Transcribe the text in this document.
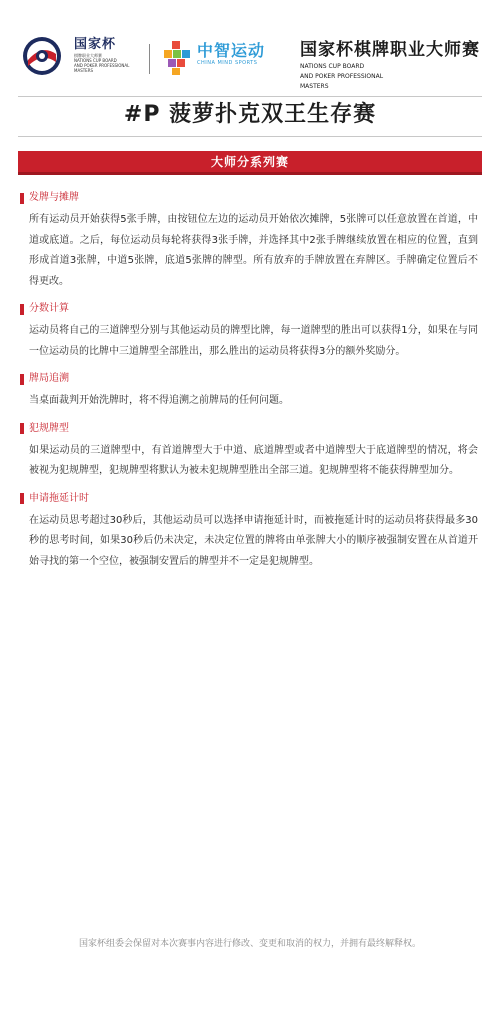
国家杯
棋牌职业大师赛
NATIONS CUP BOARD
AND POKER PROFESSIONAL
MASTERS
中智运动
CHINA MIND SPORTS
国家杯棋牌职业大师赛
NATIONS CUP BOARD
AND POKER PROFESSIONAL
MASTERS
#P 菠萝扑克双王生存赛
大师分系列赛
发牌与摊牌

所有运动员开始获得5张手牌，由按钮位左边的运动员开始依次摊牌，5张牌可以任意放置在首道，中道或底道。之后，每位运动员每轮将获得3张手牌，并选择其中2张手牌继续放置在相应的位置，直到形成首道3张牌，中道5张牌，底道5张牌的牌型。所有放弃的手牌放置在弃牌区。手牌确定位置后不得更改。

分数计算

运动员将自己的三道牌型分别与其他运动员的牌型比牌，每一道牌型的胜出可以获得1分，如果在与同一位运动员的比牌中三道牌型全部胜出，那么胜出的运动员将获得3分的额外奖励分。

牌局追溯

当桌面裁判开始洗牌时，将不得追溯之前牌局的任何问题。

犯规牌型

如果运动员的三道牌型中，有首道牌型大于中道、底道牌型或者中道牌型大于底道牌型的情况，将会被视为犯规牌型，犯规牌型将默认为被未犯规牌型胜出全部三道。犯规牌型将不能获得牌型加分。

申请拖延计时

在运动员思考超过30秒后，其他运动员可以选择申请拖延计时，而被拖延计时的运动员将获得最多30秒的思考时间，如果30秒后仍未决定，未决定位置的牌将由单张牌大小的顺序被强制安置在从首道开始寻找的第一个空位，被强制安置后的牌型并不一定是犯规牌型。

国家杯组委会保留对本次赛事内容进行修改、变更和取消的权力，并拥有最终解释权。
